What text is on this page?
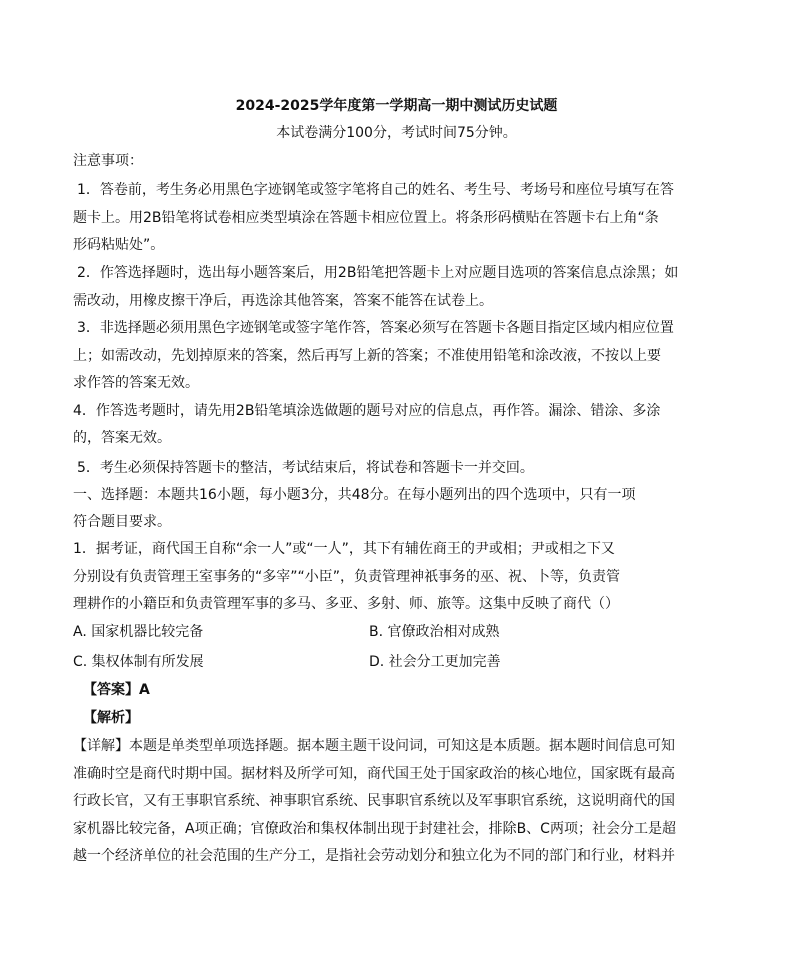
2024-2025学年度第一学期高一期中测试历史试题
本试卷满分100分，考试时间75分钟。
注意事项：
1．答卷前，考生务必用黑色字迹钢笔或签字笔将自己的姓名、考生号、考场号和座位号填写在答
题卡上。用2B铅笔将试卷相应类型填涂在答题卡相应位置上。将条形码横贴在答题卡右上角“条
形码粘贴处”。
2．作答选择题时，选出每小题答案后，用2B铅笔把答题卡上对应题目选项的答案信息点涂黑；如
需改动，用橡皮擦干净后，再选涂其他答案，答案不能答在试卷上。
3．非选择题必须用黑色字迹钢笔或签字笔作答，答案必须写在答题卡各题目指定区域内相应位置
上；如需改动，先划掉原来的答案，然后再写上新的答案；不准使用铅笔和涂改液，不按以上要
求作答的答案无效。
4．作答选考题时，请先用2B铅笔填涂选做题的题号对应的信息点，再作答。漏涂、错涂、多涂
的，答案无效。
5．考生必须保持答题卡的整洁，考试结束后，将试卷和答题卡一并交回。
一、选择题：本题共16小题，每小题3分，共48分。在每小题列出的四个选项中，只有一项
符合题目要求。
1．据考证，商代国王自称“余一人”或“一人”，其下有辅佐商王的尹或相；尹或相之下又
分别设有负责管理王室事务的“多宰”“小臣”，负责管理神祇事务的巫、祝、卜等，负责管
理耕作的小籍臣和负责管理军事的多马、多亚、多射、师、旅等。这集中反映了商代（）
A. 国家机器比较完备	B. 官僚政治相对成熟
C. 集权体制有所发展	D. 社会分工更加完善
【答案】A
【解析】
【详解】本题是单类型单项选择题。据本题主题干设问词，可知这是本质题。据本题时间信息可知
准确时空是商代时期中国。据材料及所学可知，商代国王处于国家政治的核心地位，国家既有最高
行政长官，又有王事职官系统、神事职官系统、民事职官系统以及军事职官系统，这说明商代的国
家机器比较完备，A项正确；官僚政治和集权体制出现于封建社会，排除B、C两项；社会分工是超
越一个经济单位的社会范围的生产分工，是指社会劳动划分和独立化为不同的部门和行业，材料并
